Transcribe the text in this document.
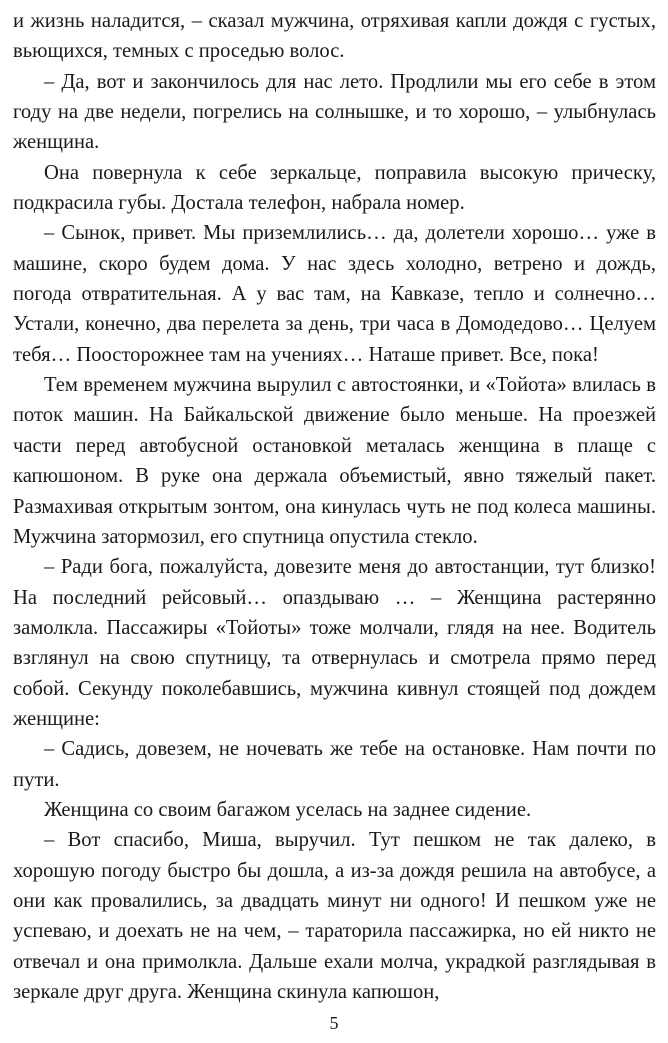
и жизнь наладится, – сказал мужчина, отряхивая капли дождя с густых, вьющихся, темных с проседью волос.

– Да, вот и закончилось для нас лето. Продлили мы его себе в этом году на две недели, погрелись на солнышке, и то хорошо, – улыбнулась женщина.

Она повернула к себе зеркальце, поправила высокую прическу, подкрасила губы. Достала телефон, набрала номер.

– Сынок, привет. Мы приземлились… да, долетели хорошо… уже в машине, скоро будем дома. У нас здесь холодно, ветрено и дождь, погода отвратительная. А у вас там, на Кавказе, тепло и солнечно… Устали, конечно, два перелета за день, три часа в Домодедово… Целуем тебя… Поосторожнее там на учениях… Наташе привет. Все, пока!

Тем временем мужчина вырулил с автостоянки, и «Тойота» влилась в поток машин. На Байкальской движение было меньше. На проезжей части перед автобусной остановкой металась женщина в плаще с капюшоном. В руке она держала объемистый, явно тяжелый пакет. Размахивая открытым зонтом, она кинулась чуть не под колеса машины. Мужчина затормозил, его спутница опустила стекло.

– Ради бога, пожалуйста, довезите меня до автостанции, тут близко! На последний рейсовый… опаздываю … – Женщина растерянно замолкла. Пассажиры «Тойоты» тоже молчали, глядя на нее. Водитель взглянул на свою спутницу, та отвернулась и смотрела прямо перед собой. Секунду поколебавшись, мужчина кивнул стоящей под дождем женщине:

– Садись, довезем, не ночевать же тебе на остановке. Нам почти по пути.

Женщина со своим багажом уселась на заднее сидение.

– Вот спасибо, Миша, выручил. Тут пешком не так далеко, в хорошую погоду быстро бы дошла, а из-за дождя решила на автобусе, а они как провалились, за двадцать минут ни одного! И пешком уже не успеваю, и доехать не на чем, – тараторила пассажирка, но ей никто не отвечал и она примолкла. Дальше ехали молча, украдкой разглядывая в зеркале друг друга. Женщина скинула капюшон,

5
